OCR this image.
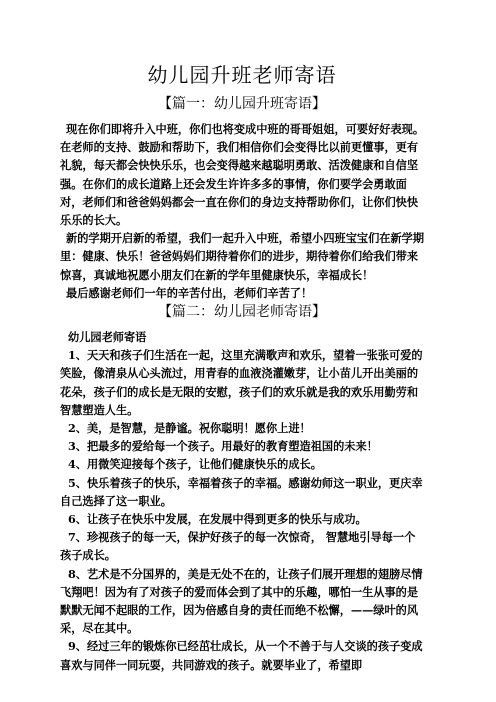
幼儿园升班老师寄语
【篇一：幼儿园升班寄语】

现在你们即将升入中班，你们也将变成中班的哥哥姐姐，可要好好表现。在老师的支持、鼓励和帮助下，我们相信你们会变得比以前更懂事，更有礼貌，每天都会快快乐乐，也会变得越来越聪明勇敢、活泼健康和自信坚强。在你们的成长道路上还会发生许许多多的事情，你们要学会勇敢面对，老师们和爸爸妈妈都会一直在你们的身边支持帮助你们，让你们快快乐乐的长大。

新的学期开启新的希望，我们一起升入中班，希望小四班宝宝们在新学期里：健康、快乐！爸爸妈妈们期待着你们的进步，期待着你们给我们带来惊喜，真诚地祝愿小朋友们在新的学年里健康快乐，幸福成长！

最后感谢老师们一年的辛苦付出，老师们辛苦了！

【篇二：幼儿园老师寄语】

幼儿园老师寄语

1、天天和孩子们生活在一起，这里充满歌声和欢乐，望着一张张可爱的笑脸，像清泉从心头流过，用青春的血液浇灌嫩芽，让小苗儿开出美丽的花朵，孩子们的成长是无限的安慰，孩子们的欢乐就是我的欢乐用勤劳和智慧塑造人生。

2、美，是智慧，是静谧。祝你聪明！愿你上进！

3、把最多的爱给每一个孩子。用最好的教育塑造祖国的未来！

4、用微笑迎接每个孩子，让他们健康快乐的成长。

5、快乐着孩子的快乐，幸福着孩子的幸福。感谢幼师这一职业，更庆幸自己选择了这一职业。

6、让孩子在快乐中发展，在发展中得到更多的快乐与成功。

7、珍视孩子的每一天，保护好孩子的每一次惊奇， 智慧地引导每一个孩子成长。

8、艺术是不分国界的，美是无处不在的，让孩子们展开理想的翅膀尽情飞翔吧！因为有了对孩子的爱而体会到了其中的乐趣，哪怕一生从事的是默默无闻不起眼的工作，因为倍感自身的责任而绝不松懈，——绿叶的风采，尽在其中。

9、经过三年的锻炼你已经茁壮成长，从一个不善于与人交谈的孩子变成喜欢与同伴一同玩耍，共同游戏的孩子。就要毕业了，希望即
